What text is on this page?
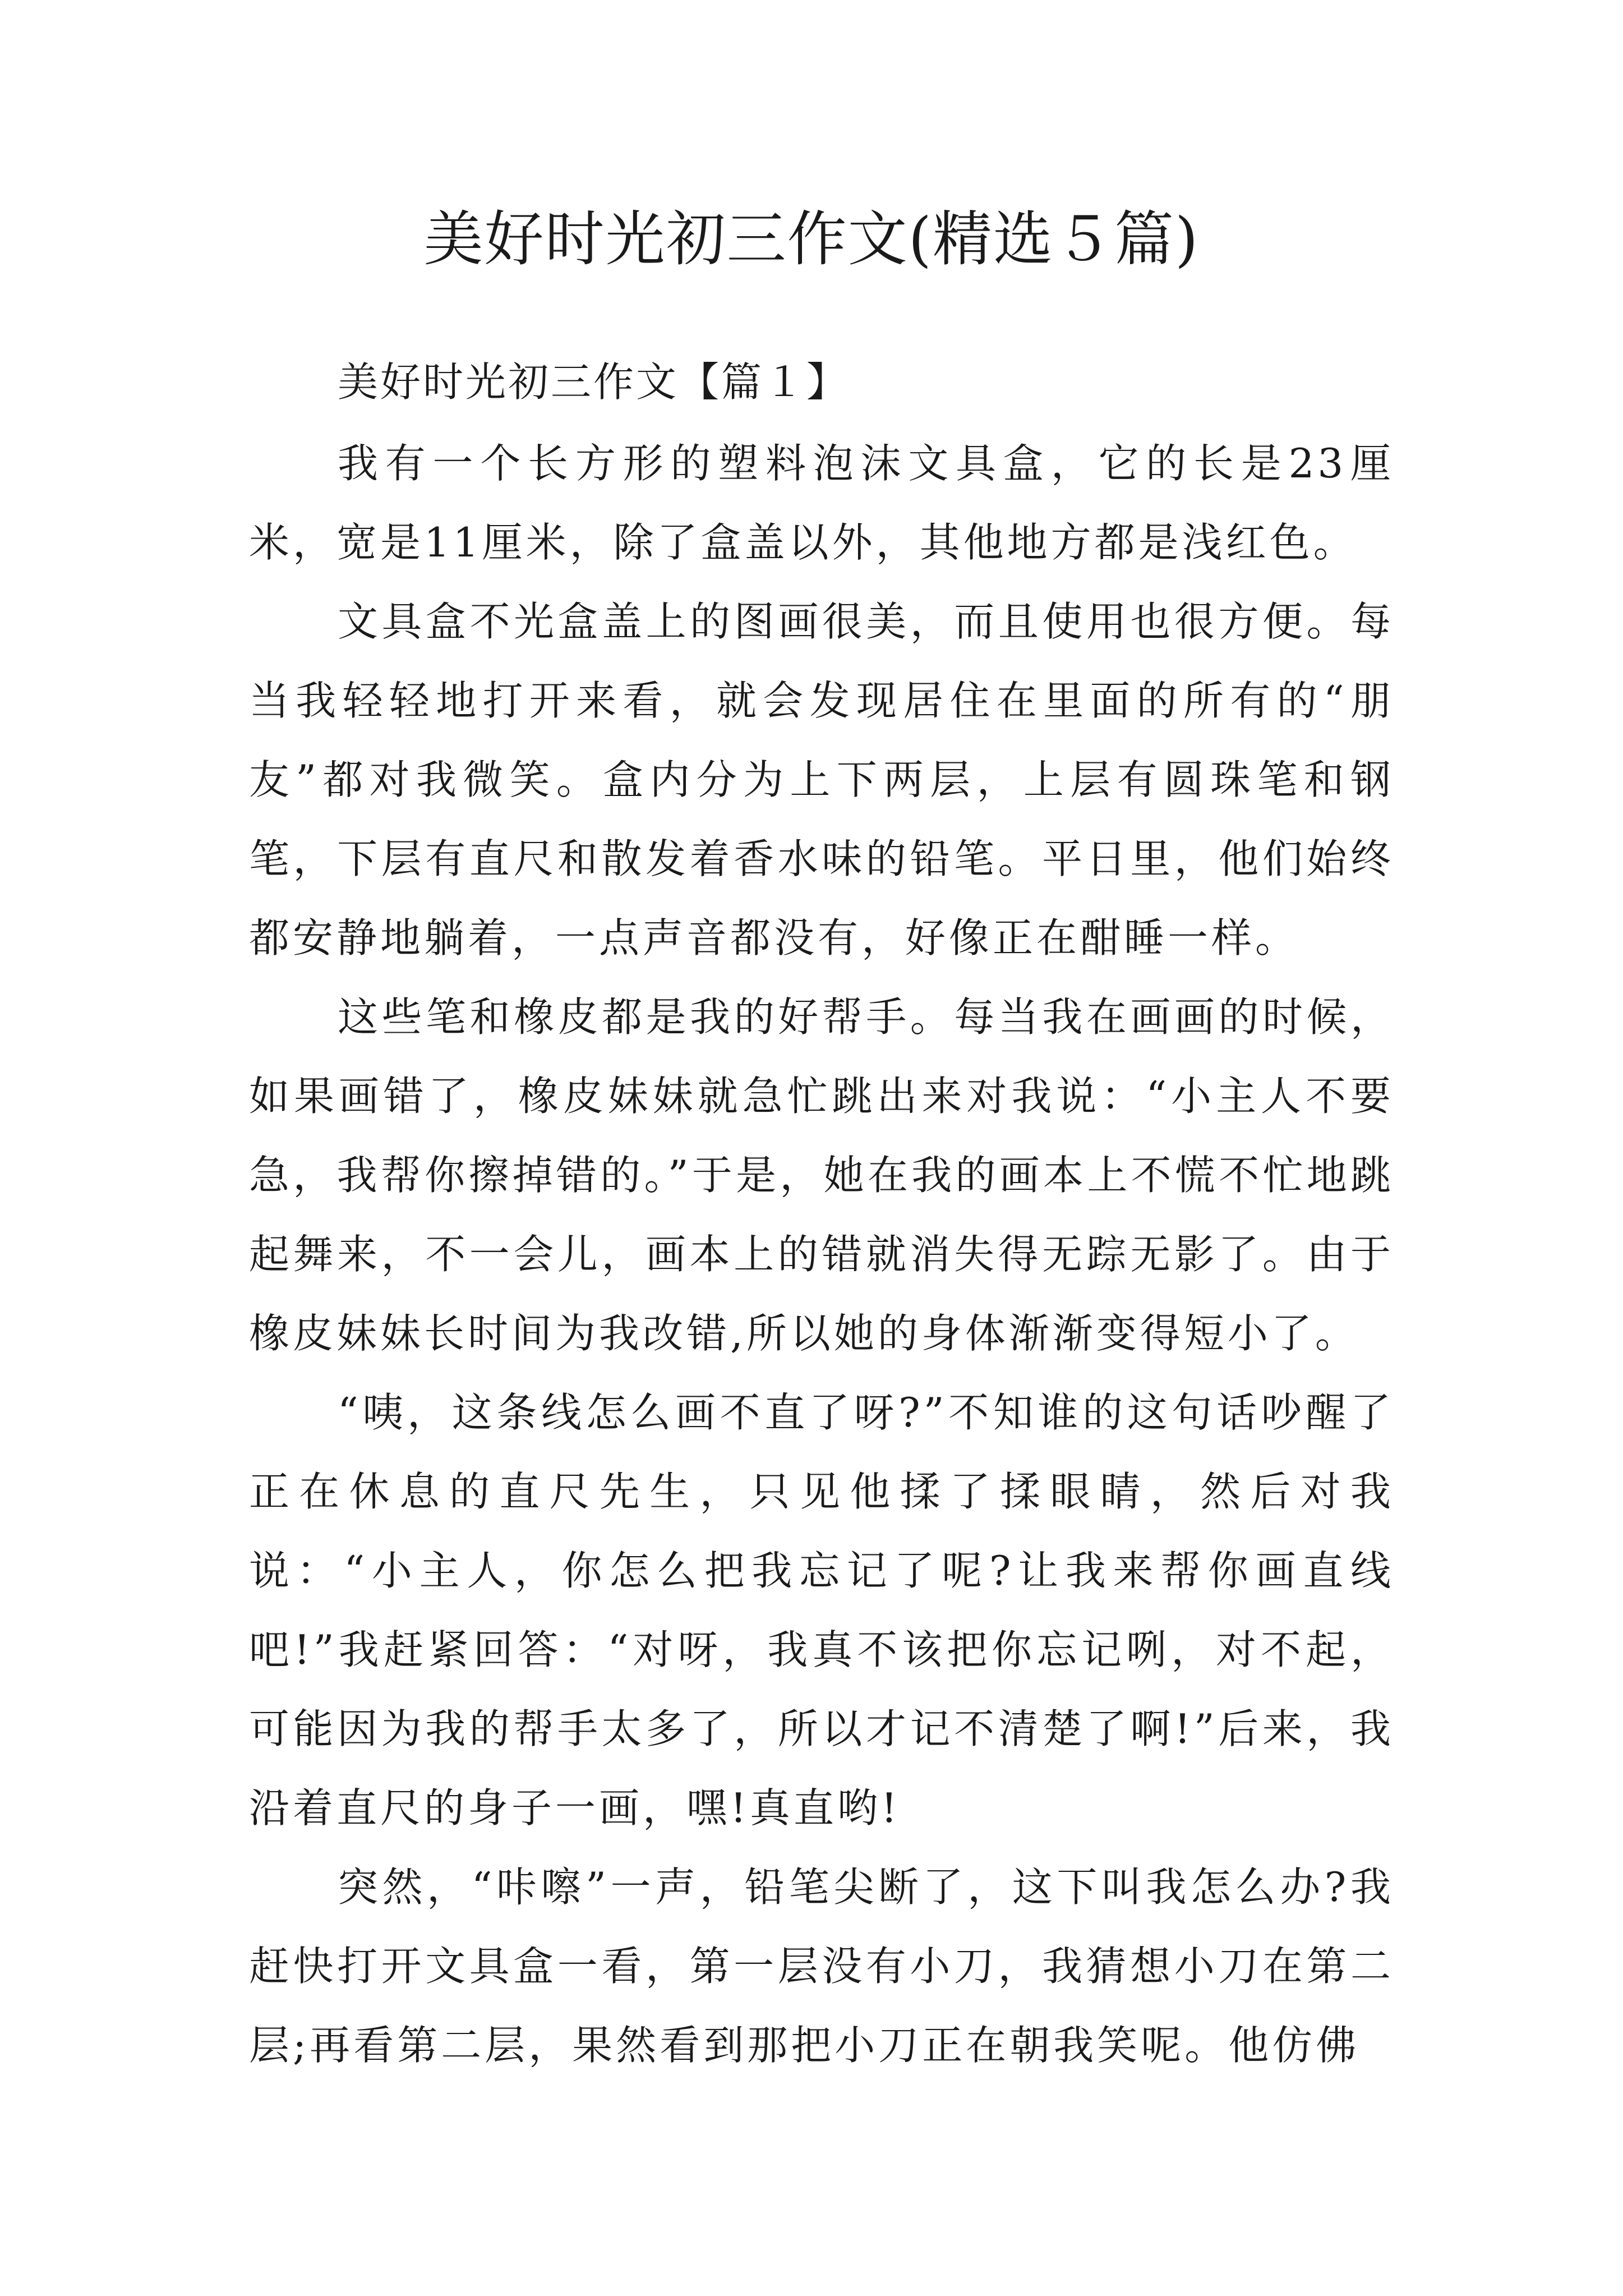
美好时光初三作文(精选５篇)

美好时光初三作文【篇１】

我有一个长方形的塑料泡沫文具盒，它的长是23厘米，宽是11厘米，除了盒盖以外，其他地方都是浅红色。

文具盒不光盒盖上的图画很美，而且使用也很方便。每当我轻轻地打开来看，就会发现居住在里面的所有的“朋友”都对我微笑。盒内分为上下两层，上层有圆珠笔和钢笔，下层有直尺和散发着香水味的铅笔。平日里，他们始终都安静地躺着，一点声音都没有，好像正在酣睡一样。

这些笔和橡皮都是我的好帮手。每当我在画画的时候，如果画错了，橡皮妹妹就急忙跳出来对我说：“小主人不要急，我帮你擦掉错的。”于是，她在我的画本上不慌不忙地跳起舞来，不一会儿，画本上的错就消失得无踪无影了。由于橡皮妹妹长时间为我改错,所以她的身体渐渐变得短小了。

“咦，这条线怎么画不直了呀?”不知谁的这句话吵醒了正在休息的直尺先生，只见他揉了揉眼睛，然后对我说：“小主人，你怎么把我忘记了呢?让我来帮你画直线吧!”我赶紧回答：“对呀，我真不该把你忘记咧，对不起，可能因为我的帮手太多了，所以才记不清楚了啊!”后来，我沿着直尺的身子一画，嘿!真直哟!

突然，“咔嚓”一声，铅笔尖断了，这下叫我怎么办?我赶快打开文具盒一看，第一层没有小刀，我猜想小刀在第二层;再看第二层，果然看到那把小刀正在朝我笑呢。他仿佛
